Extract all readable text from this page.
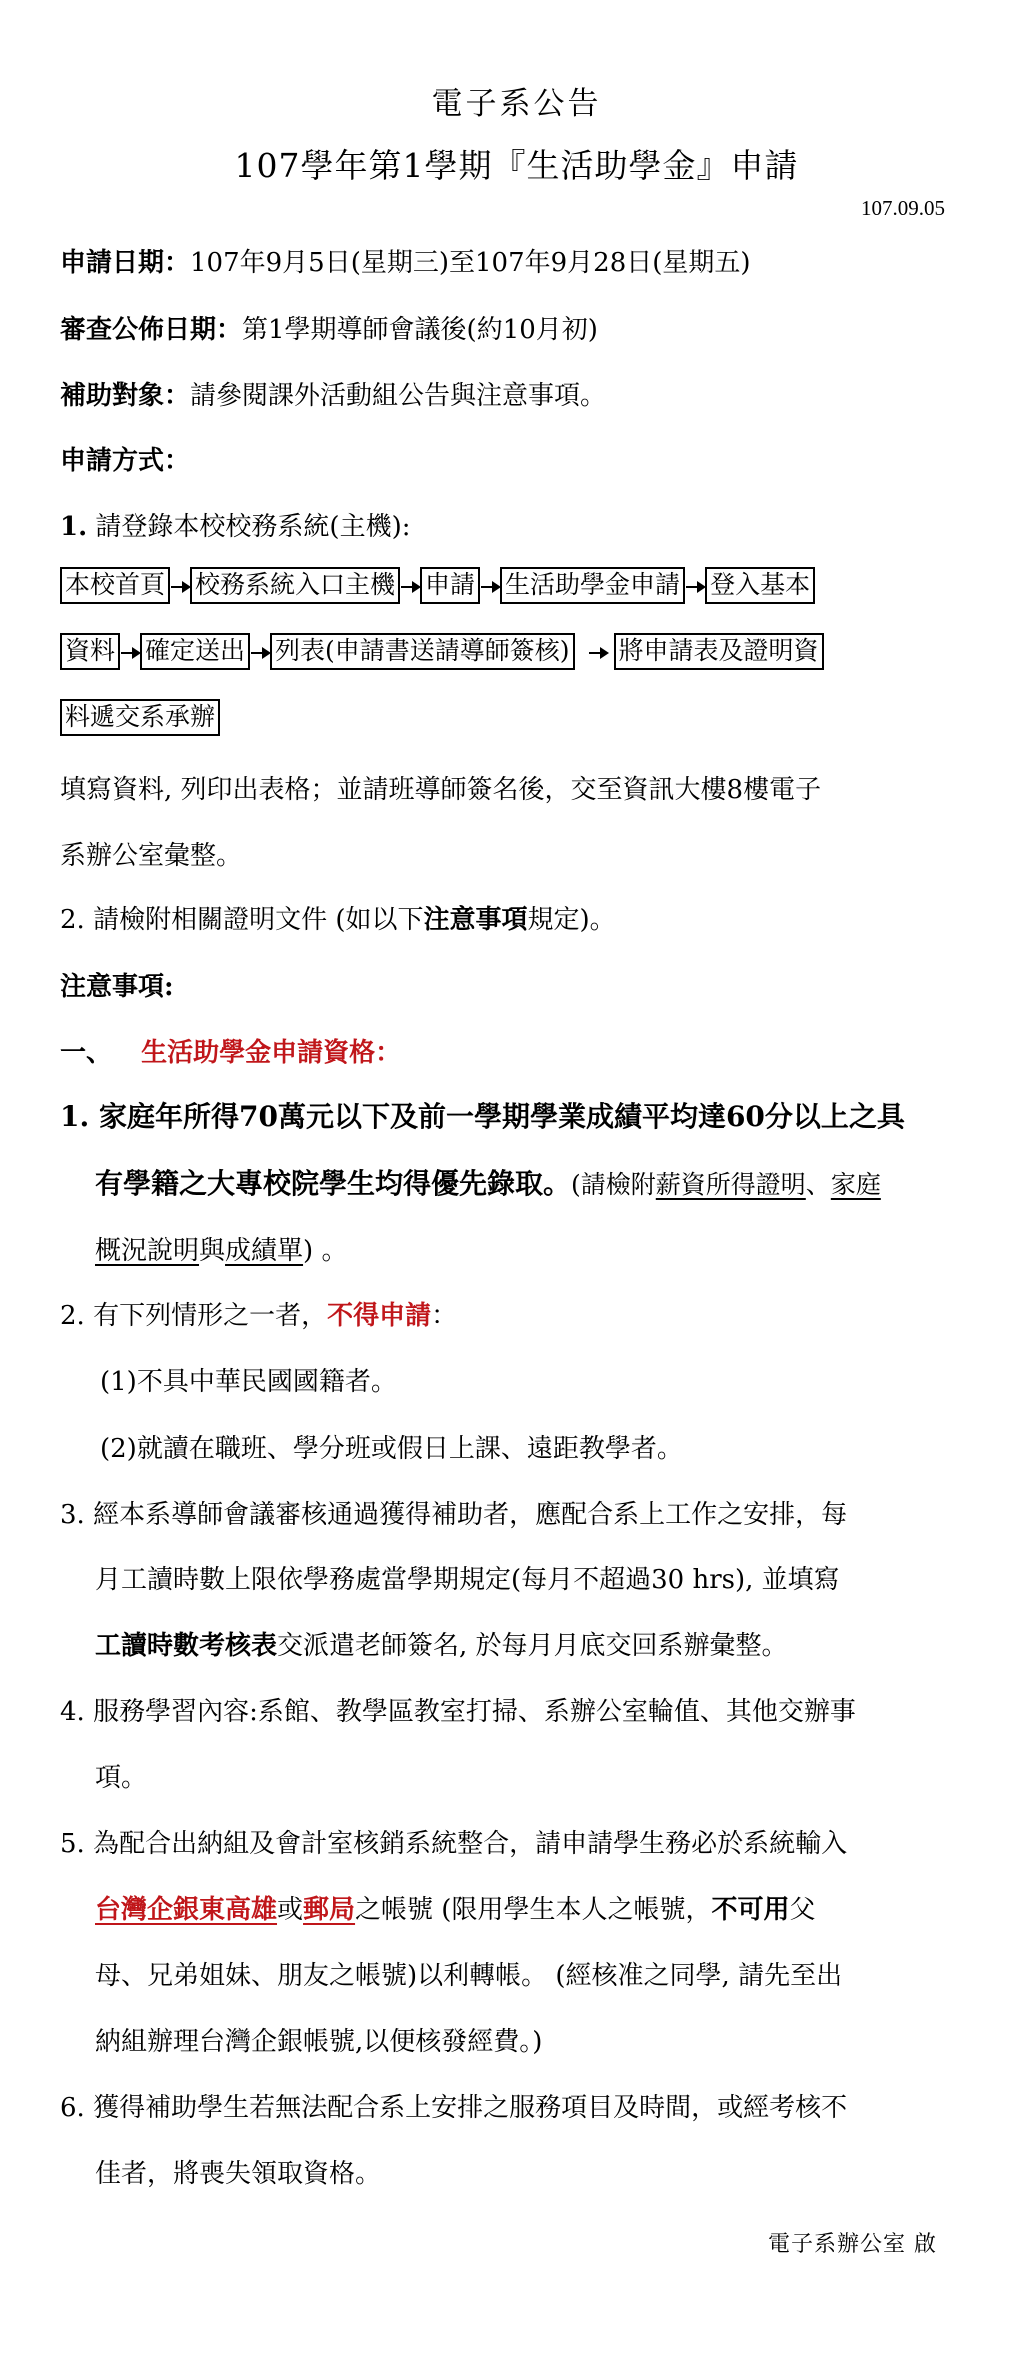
電子系公告
107學年第1學期『生活助學金』申請
107.09.05
申請日期：107年9月5日(星期三)至107年9月28日(星期五)
審查公佈日期：第1學期導師會議後(約10月初)
補助對象：請參閱課外活動組公告與注意事項。
申請方式：
1. 請登錄本校校務系統(主機):
本校首頁 校務系統入口主機 申請 生活助學金申請 登入基本
資料 確定送出 列表(申請書送請導師簽核) 將申請表及證明資
料遞交系承辦
填寫資料, 列印出表格；並請班導師簽名後，交至資訊大樓8樓電子
系辦公室彙整。
2. 請檢附相關證明文件 (如以下注意事項規定)。
注意事項:
一、 生活助學金申請資格：
1. 家庭年所得70萬元以下及前一學期學業成績平均達60分以上之具
有學籍之大專校院學生均得優先錄取。(請檢附薪資所得證明、家庭
概況說明與成績單) 。
2. 有下列情形之一者，不得申請：
(1)不具中華民國國籍者。
(2)就讀在職班、學分班或假日上課、遠距教學者。
3. 經本系導師會議審核通過獲得補助者，應配合系上工作之安排，每
月工讀時數上限依學務處當學期規定(每月不超過30 hrs), 並填寫
工讀時數考核表交派遣老師簽名, 於每月月底交回系辦彙整。
4. 服務學習內容:系館、教學區教室打掃、系辦公室輪值、其他交辦事
項。
5. 為配合出納組及會計室核銷系統整合，請申請學生務必於系統輸入
台灣企銀東高雄或郵局之帳號 (限用學生本人之帳號，不可用父
母、兄弟姐妹、朋友之帳號)以利轉帳。 (經核准之同學, 請先至出
納組辦理台灣企銀帳號,以便核發經費。)
6. 獲得補助學生若無法配合系上安排之服務項目及時間，或經考核不
佳者，將喪失領取資格。
電子系辦公室 啟
